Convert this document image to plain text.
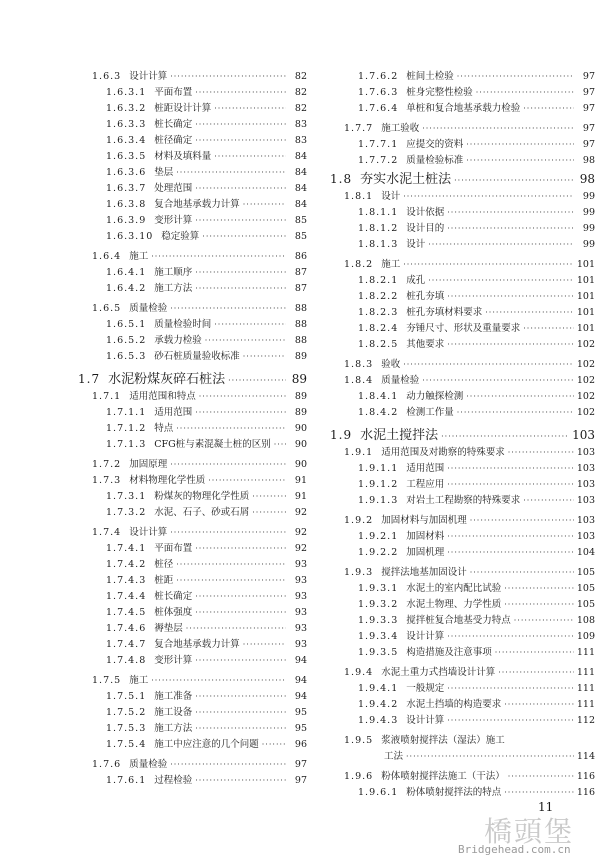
1.6.3 设计计算 ·····	82
1.6.3.1 平面布置 ·····	82
1.6.3.2 桩距设计计算 ·····	82
1.6.3.3 桩长确定 ·····	83
1.6.3.4 桩径确定 ·····	83
1.6.3.5 材料及填料量 ·····	84
1.6.3.6 垫层 ·····	84
1.6.3.7 处理范围 ·····	84
1.6.3.8 复合地基承载力计算 ·····	84
1.6.3.9 变形计算 ·····	85
1.6.3.10 稳定验算 ·····	85
1.6.4 施工 ·····	86
1.6.4.1 施工顺序 ·····	87
1.6.4.2 施工方法 ·····	87
1.6.5 质量检验 ·····	88
1.6.5.1 质量检验时间 ·····	88
1.6.5.2 承载力检验 ·····	88
1.6.5.3 砂石桩质量验收标准 ·····	89
1.7 水泥粉煤灰碎石桩法 ·····	89
1.7.1 适用范围和特点 ·····	89
1.7.1.1 适用范围 ·····	89
1.7.1.2 特点 ·····	90
1.7.1.3 CFG桩与素混凝土桩的区别 ·····	90
1.7.2 加固原理 ·····	90
1.7.3 材料物理化学性质 ·····	91
1.7.3.1 粉煤灰的物理化学性质 ·····	91
1.7.3.2 水泥、石子、砂或石屑 ·····	92
1.7.4 设计计算 ·····	92
1.7.4.1 平面布置 ·····	92
1.7.4.2 桩径 ·····	93
1.7.4.3 桩距 ·····	93
1.7.4.4 桩长确定 ·····	93
1.7.4.5 桩体强度 ·····	93
1.7.4.6 褥垫层 ·····	93
1.7.4.7 复合地基承载力计算 ·····	93
1.7.4.8 变形计算 ·····	94
1.7.5 施工 ·····	94
1.7.5.1 施工准备 ·····	94
1.7.5.2 施工设备 ·····	95
1.7.5.3 施工方法 ·····	95
1.7.5.4 施工中应注意的几个问题 ·····	96
1.7.6 质量检验 ·····	97
1.7.6.1 过程检验 ·····	97
1.7.6.2 桩间土检验 ·····	97
1.7.6.3 桩身完整性检验 ·····	97
1.7.6.4 单桩和复合地基承载力检验 ·····	97
1.7.7 施工验收 ·····	97
1.7.7.1 应提交的资料 ·····	97
1.7.7.2 质量检验标准 ·····	98
1.8 夯实水泥土桩法 ·····	98
1.8.1 设计 ·····	99
1.8.1.1 设计依据 ·····	99
1.8.1.2 设计目的 ·····	99
1.8.1.3 设计 ·····	99
1.8.2 施工 ·····	101
1.8.2.1 成孔 ·····	101
1.8.2.2 桩孔夯填 ·····	101
1.8.2.3 桩孔夯填材料要求 ·····	101
1.8.2.4 夯锤尺寸、形状及重量要求 ·····	101
1.8.2.5 其他要求 ·····	102
1.8.3 验收 ·····	102
1.8.4 质量检验 ·····	102
1.8.4.1 动力触探检测 ·····	102
1.8.4.2 检测工作量 ·····	102
1.9 水泥土搅拌法 ·····	103
1.9.1 适用范围及对勘察的特殊要求 ·····	103
1.9.1.1 适用范围 ·····	103
1.9.1.2 工程应用 ·····	103
1.9.1.3 对岩土工程勘察的特殊要求 ·····	103
1.9.2 加固材料与加固机理 ·····	103
1.9.2.1 加固材料 ·····	103
1.9.2.2 加固机理 ·····	104
1.9.3 搅拌法地基加固设计 ·····	105
1.9.3.1 水泥土的室内配比试验 ·····	105
1.9.3.2 水泥土物理、力学性质 ·····	105
1.9.3.3 搅拌桩复合地基受力特点 ·····	108
1.9.3.4 设计计算 ·····	109
1.9.3.5 构造措施及注意事项 ·····	111
1.9.4 水泥土重力式挡墙设计计算 ·····	111
1.9.4.1 一般规定 ·····	111
1.9.4.2 水泥土挡墙的构造要求 ·····	111
1.9.4.3 设计计算 ·····	112
1.9.5 浆液喷射搅拌法（湿法）施工
工法 ·····	114
1.9.6 粉体喷射搅拌法施工（干法） ·····	116
1.9.6.1 粉体喷射搅拌法的特点 ·····	116
11
橋頭堡
Bridgehead.com.cn
